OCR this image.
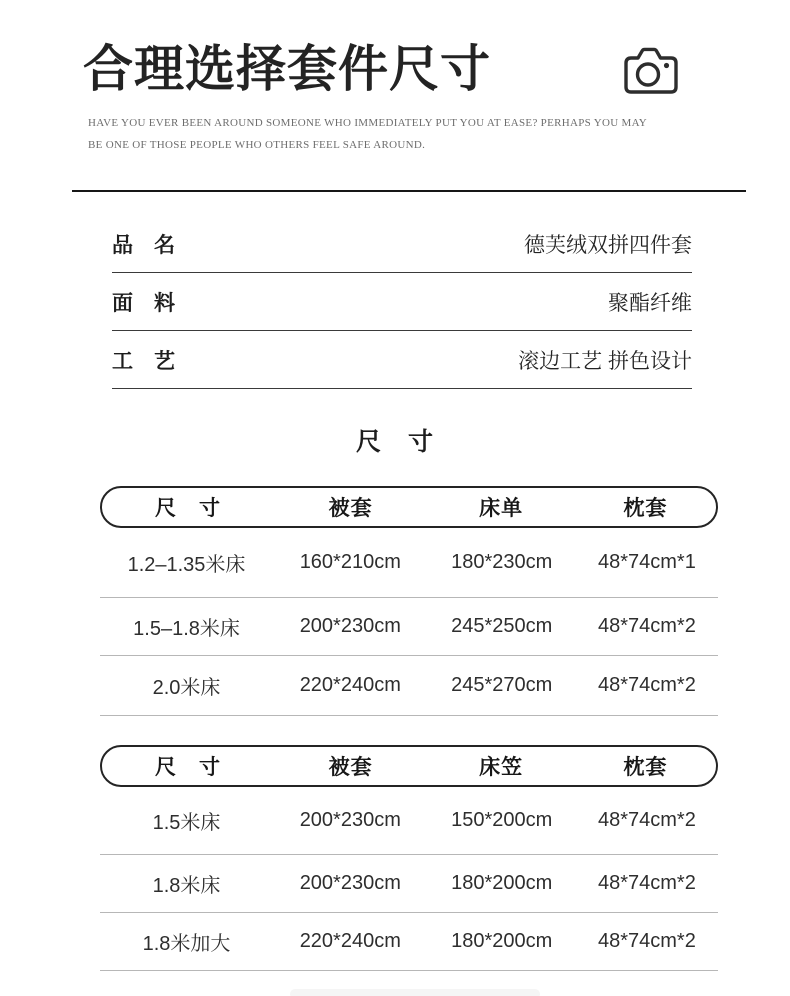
合理选择套件尺寸
HAVE YOU EVER BEEN AROUND SOMEONE WHO IMMEDIATELY PUT YOU AT EASE? PERHAPS YOU MAY
BE ONE OF THOSE PEOPLE WHO OTHERS FEEL SAFE AROUND.
品　名	德芙绒双拼四件套
面　料	聚酯纤维
工　艺	滚边工艺 拼色设计
尺　寸
尺　寸	被套	床单	枕套
1.2–1.35米床	160*210cm	180*230cm	48*74cm*1
1.5–1.8米床	200*230cm	245*250cm	48*74cm*2
2.0米床	220*240cm	245*270cm	48*74cm*2
尺　寸	被套	床笠	枕套
1.5米床	200*230cm	150*200cm	48*74cm*2
1.8米床	200*230cm	180*200cm	48*74cm*2
1.8米加大	220*240cm	180*200cm	48*74cm*2
